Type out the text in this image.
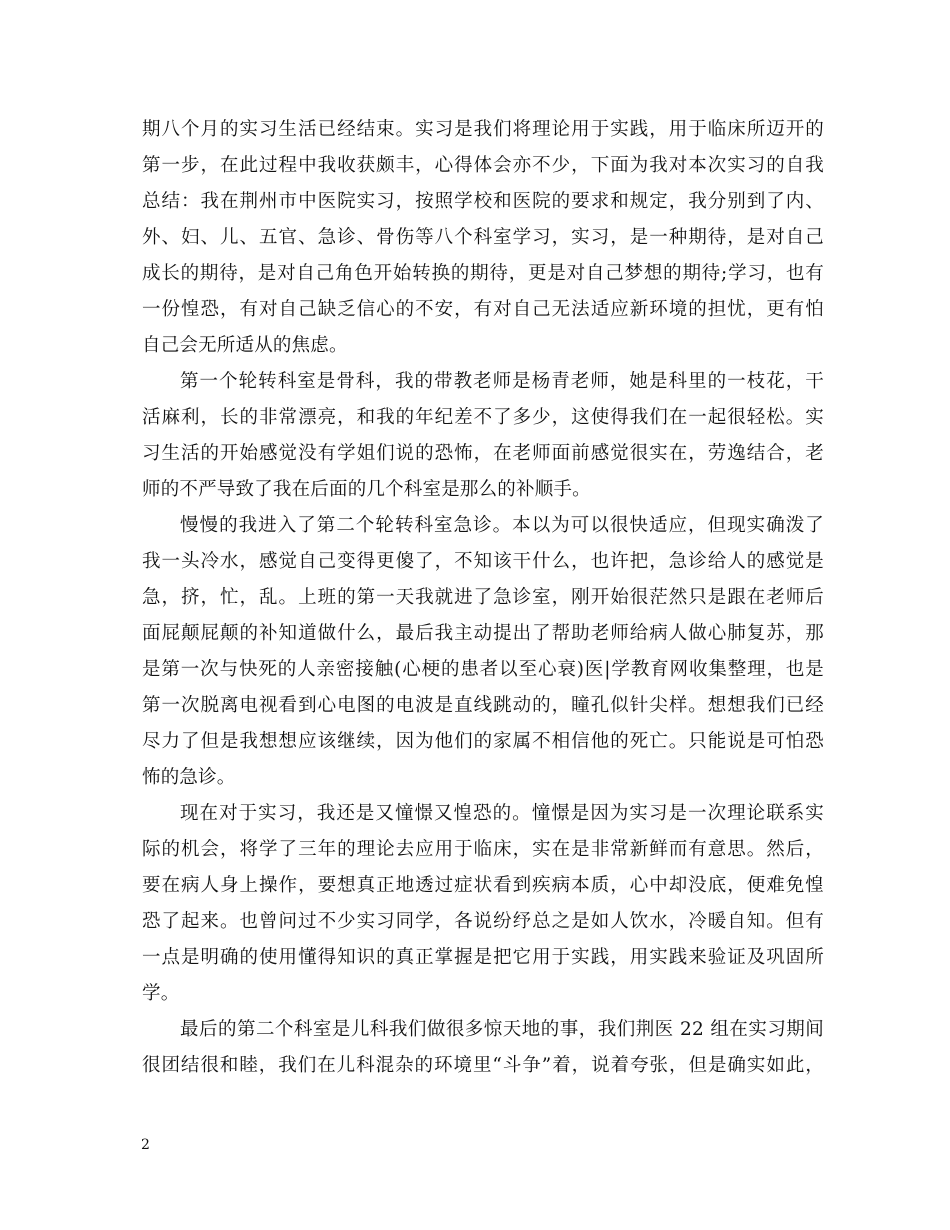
期八个月的实习生活已经结束。实习是我们将理论用于实践，用于临床所迈开的
第一步，在此过程中我收获颇丰，心得体会亦不少，下面为我对本次实习的自我
总结：我在荆州市中医院实习，按照学校和医院的要求和规定，我分别到了内、
外、妇、儿、五官、急诊、骨伤等八个科室学习，实习，是一种期待，是对自己
成长的期待，是对自己角色开始转换的期待，更是对自己梦想的期待;学习，也有
一份惶恐，有对自己缺乏信心的不安，有对自己无法适应新环境的担忧，更有怕
自己会无所适从的焦虑。
第一个轮转科室是骨科，我的带教老师是杨青老师，她是科里的一枝花，干
活麻利，长的非常漂亮，和我的年纪差不了多少，这使得我们在一起很轻松。实
习生活的开始感觉没有学姐们说的恐怖，在老师面前感觉很实在，劳逸结合，老
师的不严导致了我在后面的几个科室是那么的补顺手。
慢慢的我进入了第二个轮转科室急诊。本以为可以很快适应，但现实确泼了
我一头冷水，感觉自己变得更傻了，不知该干什么，也许把，急诊给人的感觉是
急，挤，忙，乱。上班的第一天我就进了急诊室，刚开始很茫然只是跟在老师后
面屁颠屁颠的补知道做什么，最后我主动提出了帮助老师给病人做心肺复苏，那
是第一次与快死的人亲密接触(心梗的患者以至心衰)医|学教育网收集整理，也是
第一次脱离电视看到心电图的电波是直线跳动的，瞳孔似针尖样。想想我们已经
尽力了但是我想想应该继续，因为他们的家属不相信他的死亡。只能说是可怕恐
怖的急诊。
现在对于实习，我还是又憧憬又惶恐的。憧憬是因为实习是一次理论联系实
际的机会，将学了三年的理论去应用于临床，实在是非常新鲜而有意思。然后，
要在病人身上操作，要想真正地透过症状看到疾病本质，心中却没底，便难免惶
恐了起来。也曾问过不少实习同学，各说纷纾总之是如人饮水，冷暖自知。但有
一点是明确的使用懂得知识的真正掌握是把它用于实践，用实践来验证及巩固所
学。
最后的第二个科室是儿科我们做很多惊天地的事，我们荆医 22 组在实习期间
很团结很和睦，我们在儿科混杂的环境里“斗争”着，说着夸张，但是确实如此，
2
